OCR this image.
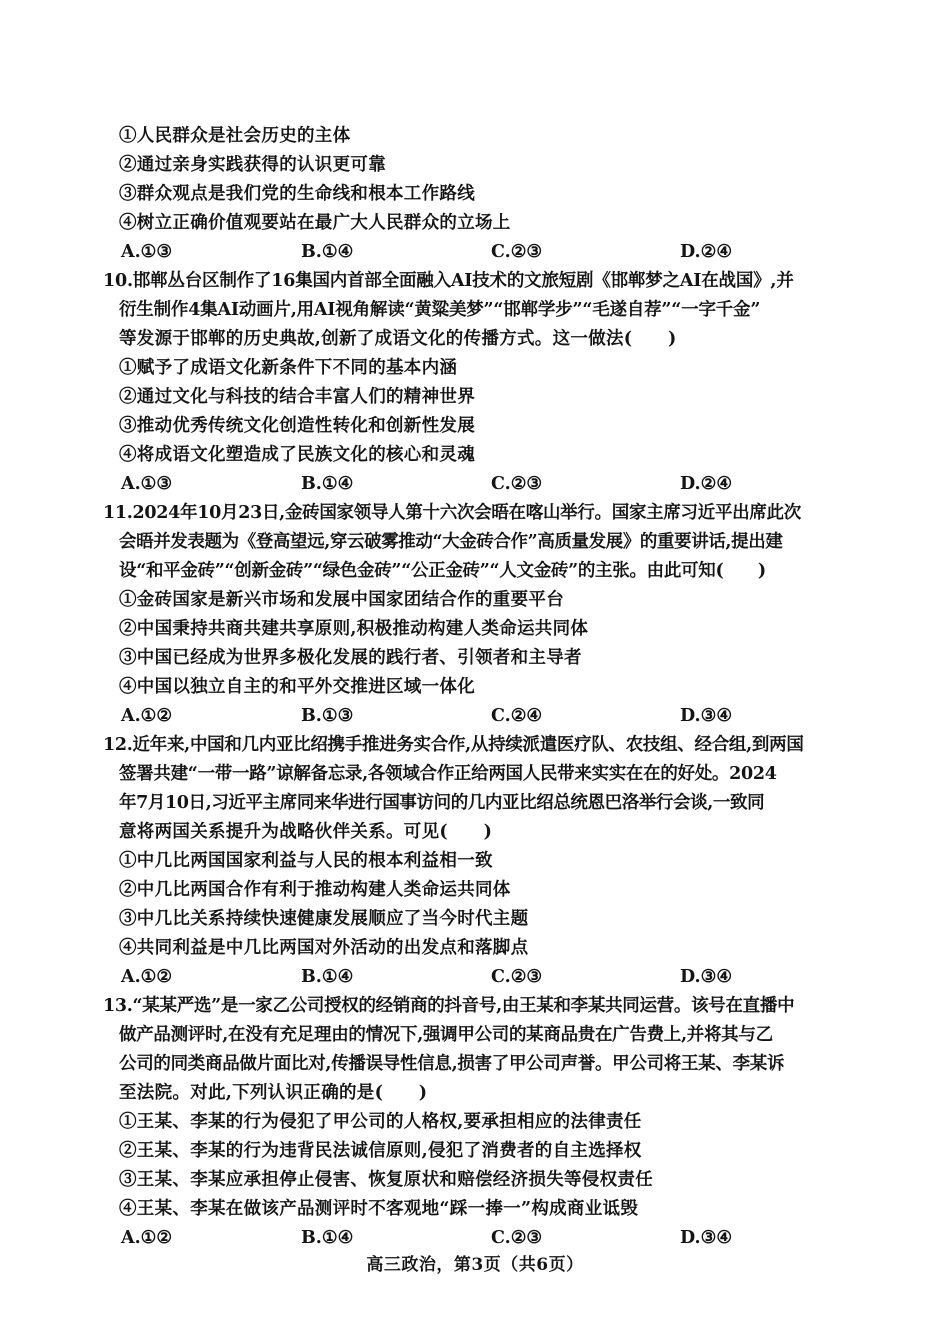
①人民群众是社会历史的主体
②通过亲身实践获得的认识更可靠
③群众观点是我们党的生命线和根本工作路线
④树立正确价值观要站在最广大人民群众的立场上
A.①③	B.①④	C.②③	D.②④
10.邯郸丛台区制作了16集国内首部全面融入AI技术的文旅短剧《邯郸梦之AI在战国》,并
衍生制作4集AI动画片,用AI视角解读“黄粱美梦”“邯郸学步”“毛遂自荐”“一字千金”
等发源于邯郸的历史典故,创新了成语文化的传播方式。这一做法(　　)
①赋予了成语文化新条件下不同的基本内涵
②通过文化与科技的结合丰富人们的精神世界
③推动优秀传统文化创造性转化和创新性发展
④将成语文化塑造成了民族文化的核心和灵魂
A.①③	B.①④	C.②③	D.②④
11.2024年10月23日,金砖国家领导人第十六次会晤在喀山举行。国家主席习近平出席此次
会晤并发表题为《登高望远,穿云破雾推动“大金砖合作”高质量发展》的重要讲话,提出建
设“和平金砖”“创新金砖”“绿色金砖”“公正金砖”“人文金砖”的主张。由此可知(　　)
①金砖国家是新兴市场和发展中国家团结合作的重要平台
②中国秉持共商共建共享原则,积极推动构建人类命运共同体
③中国已经成为世界多极化发展的践行者、引领者和主导者
④中国以独立自主的和平外交推进区域一体化
A.①②	B.①③	C.②④	D.③④
12.近年来,中国和几内亚比绍携手推进务实合作,从持续派遣医疗队、农技组、经合组,到两国
签署共建“一带一路”谅解备忘录,各领域合作正给两国人民带来实实在在的好处。2024
年7月10日,习近平主席同来华进行国事访问的几内亚比绍总统恩巴洛举行会谈,一致同
意将两国关系提升为战略伙伴关系。可见(　　)
①中几比两国国家利益与人民的根本利益相一致
②中几比两国合作有利于推动构建人类命运共同体
③中几比关系持续快速健康发展顺应了当今时代主题
④共同利益是中几比两国对外活动的出发点和落脚点
A.①②	B.①④	C.②③	D.③④
13.“某某严选”是一家乙公司授权的经销商的抖音号,由王某和李某共同运营。该号在直播中
做产品测评时,在没有充足理由的情况下,强调甲公司的某商品贵在广告费上,并将其与乙
公司的同类商品做片面比对,传播误导性信息,损害了甲公司声誉。甲公司将王某、李某诉
至法院。对此,下列认识正确的是(　　)
①王某、李某的行为侵犯了甲公司的人格权,要承担相应的法律责任
②王某、李某的行为违背民法诚信原则,侵犯了消费者的自主选择权
③王某、李某应承担停止侵害、恢复原状和赔偿经济损失等侵权责任
④王某、李某在做该产品测评时不客观地“踩一捧一”构成商业诋毁
A.①②	B.①④	C.②③	D.③④
高三政治，第3页（共6页）
